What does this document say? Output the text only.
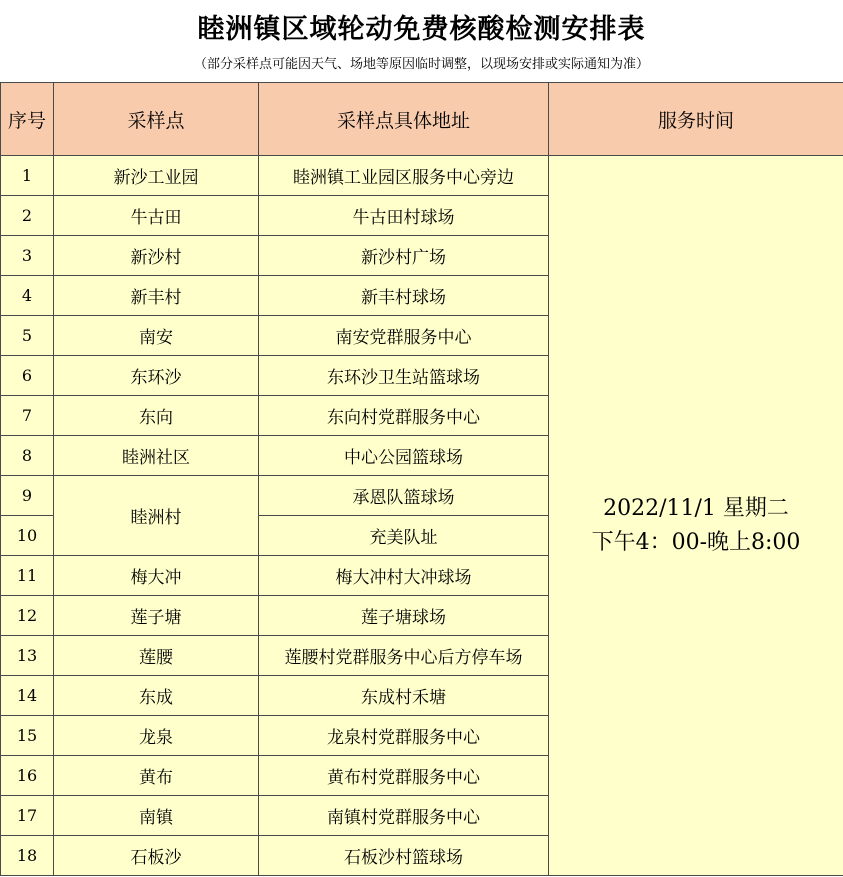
睦洲镇区域轮动免费核酸检测安排表
（部分采样点可能因天气、场地等原因临时调整，以现场安排或实际通知为准）
序号	采样点	采样点具体地址	服务时间
1	新沙工业园	睦洲镇工业园区服务中心旁边	2022/11/1 星期二
下午4：00-晚上8:00

2	牛古田	牛古田村球场	
3	新沙村	新沙村广场	
4	新丰村	新丰村球场	
5	南安	南安党群服务中心	
6	东环沙	东环沙卫生站篮球场	
7	东向	东向村党群服务中心	
8	睦洲社区	中心公园篮球场	
9	睦洲村	承恩队篮球场	
10		充美队址	
11	梅大冲	梅大冲村大冲球场	
12	莲子塘	莲子塘球场	
13	莲腰	莲腰村党群服务中心后方停车场	
14	东成	东成村禾塘	
15	龙泉	龙泉村党群服务中心	
16	黄布	黄布村党群服务中心	
17	南镇	南镇村党群服务中心	
18	石板沙	石板沙村篮球场	
